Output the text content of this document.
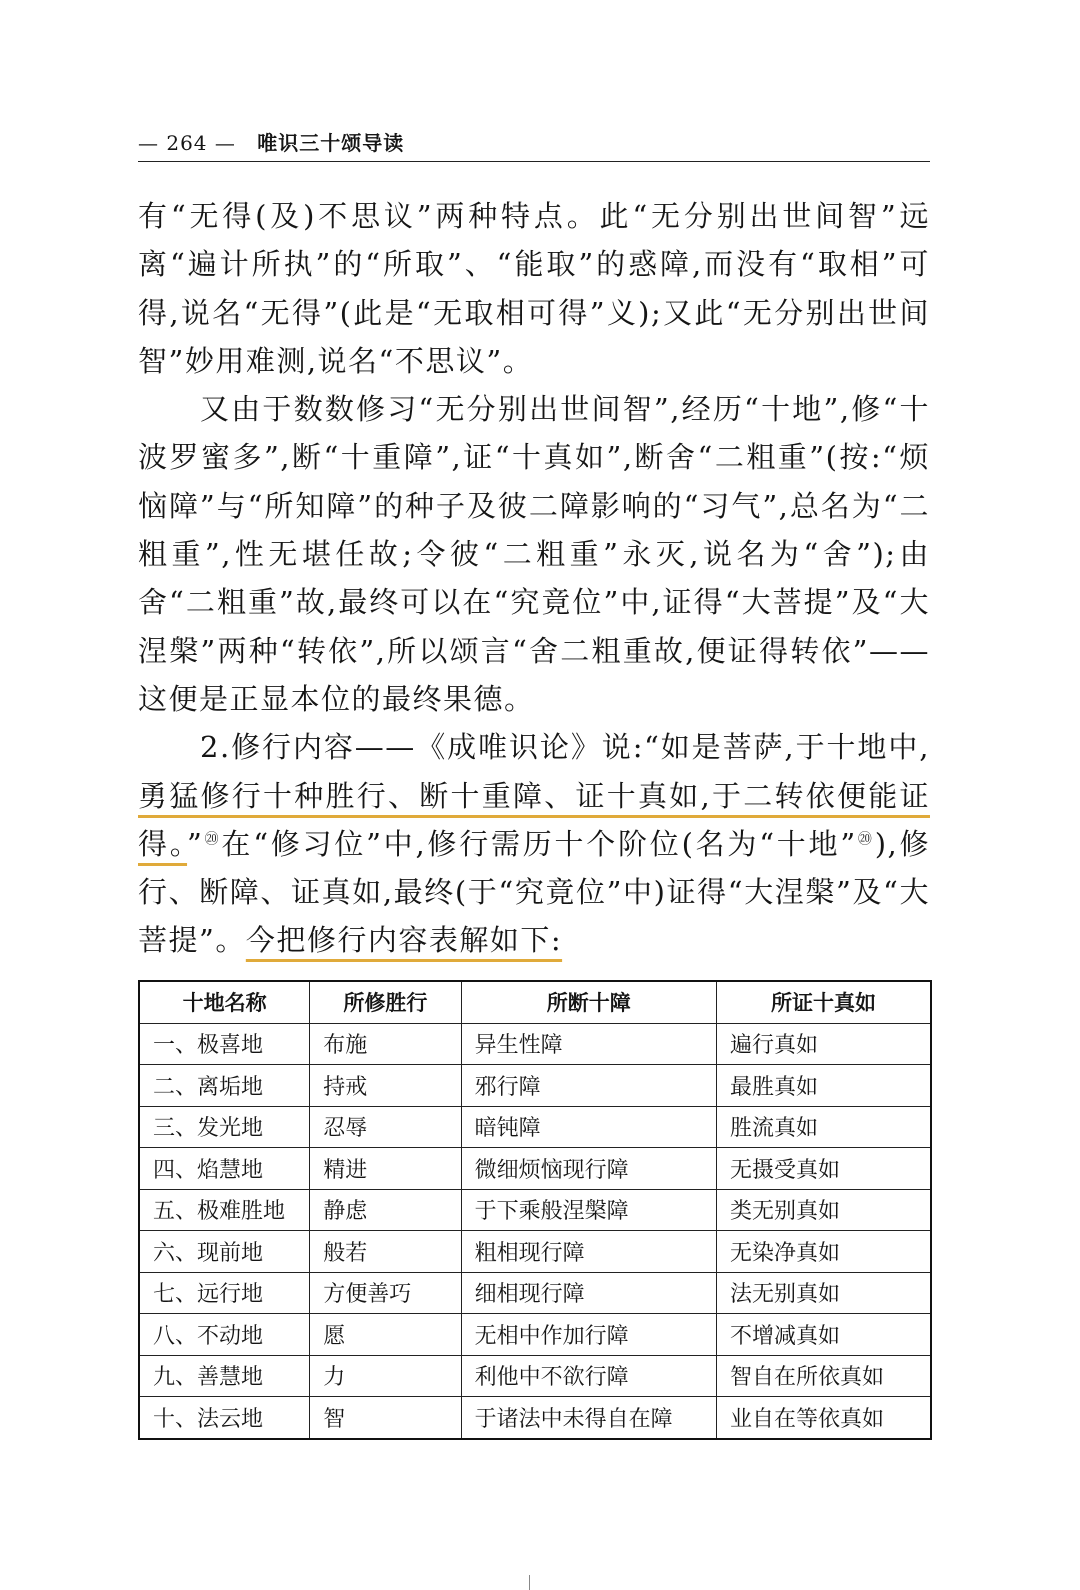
— 264 — 唯识三十颂导读

有“无得(及)不思议”两种特点。此“无分别出世间智”远离“遍计所执”的“所取”、“能取”的惑障,而没有“取相”可得,说名“无得”(此是“无取相可得”义);又此“无分别出世间智”妙用难测,说名“不思议”。

又由于数数修习“无分别出世间智”,经历“十地”,修“十波罗蜜多”,断“十重障”,证“十真如”,断舍“二粗重”(按:“烦恼障”与“所知障”的种子及彼二障影响的“习气”,总名为“二粗重”,性无堪任故;令彼“二粗重”永灭,说名为“舍”);由舍“二粗重”故,最终可以在“究竟位”中,证得“大菩提”及“大涅槃”两种“转依”,所以颂言“舍二粗重故,便证得转依”——这便是正显本位的最终果德。

2.修行内容——《成唯识论》说:“如是菩萨,于十地中,勇猛修行十种胜行、断十重障、证十真如,于二转依便能证得。”⑳在“修习位”中,修行需历十个阶位(名为“十地”⑳),修行、断障、证真如,最终(于“究竟位”中)证得“大涅槃”及“大菩提”。今把修行内容表解如下:

十地名称	所修胜行	所断十障	所证十真如
一、极喜地	布施	异生性障	遍行真如
二、离垢地	持戒	邪行障	最胜真如
三、发光地	忍辱	暗钝障	胜流真如
四、焰慧地	精进	微细烦恼现行障	无摄受真如
五、极难胜地	静虑	于下乘般涅槃障	类无别真如
六、现前地	般若	粗相现行障	无染净真如
七、远行地	方便善巧	细相现行障	法无别真如
八、不动地	愿	无相中作加行障	不增减真如
九、善慧地	力	利他中不欲行障	智自在所依真如
十、法云地	智	于诸法中未得自在障	业自在等依真如
